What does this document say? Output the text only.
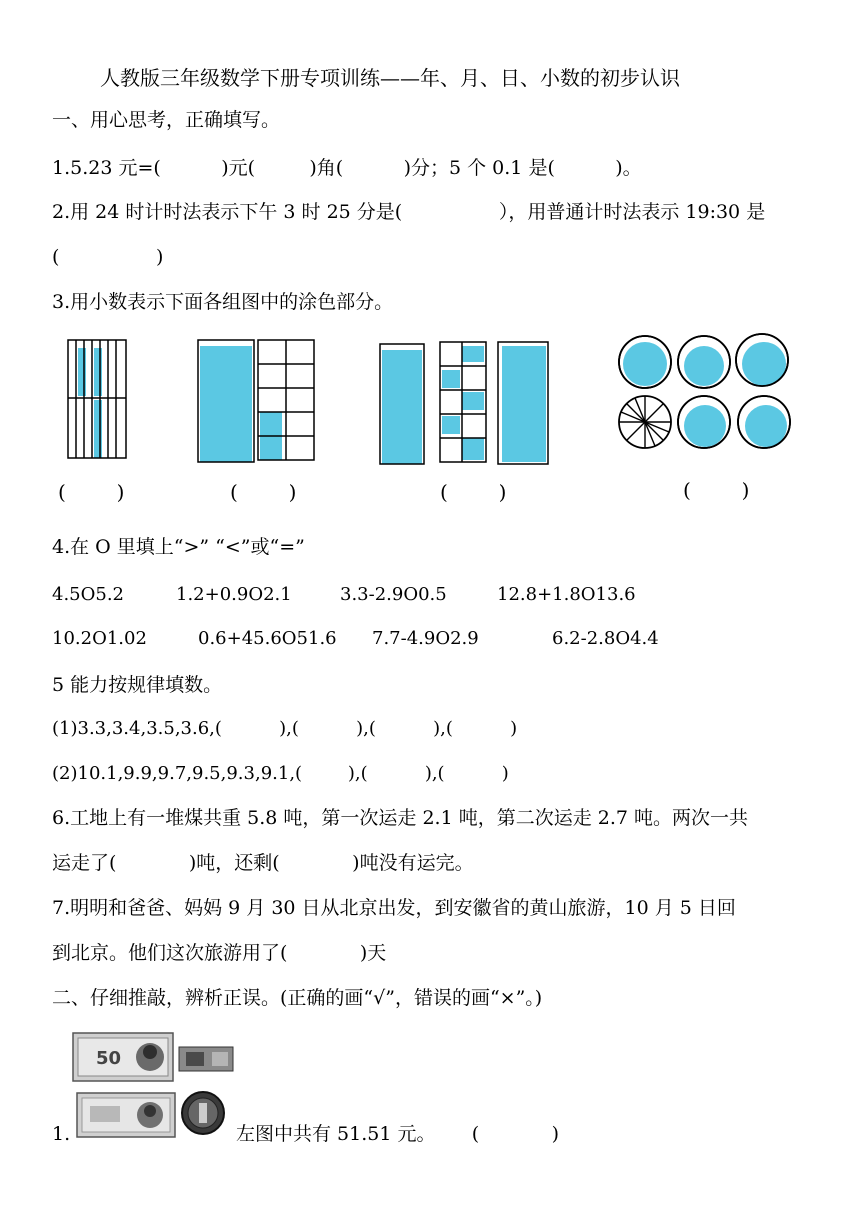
人教版三年级数学下册专项训练——年、月、日、小数的初步认识
一、用心思考，正确填写。
1.5.23 元=(          )元(         )角(          )分；5 个 0.1 是(          )。
2.用 24 时计时法表示下午 3 时 25 分是(                ），用普通计时法表示 19:30 是
(                )
3.用小数表示下面各组图中的涂色部分。
(        )	(        )	(        )	(        )
4.在 O 里填上“>” “<”或“=”
4.5O5.2	1.2+0.9O2.1	3.3-2.9O0.5	12.8+1.8O13.6
10.2O1.02	0.6+45.6O51.6 7.7-4.9O2.9	6.2-2.8O4.4
5 能力按规律填数。
(1)3.3,3.4,3.5,3.6,(          ),(          ),(          ),(          )
(2)10.1,9.9,9.7,9.5,9.3,9.1,(        ),(          ),(          )
6.工地上有一堆煤共重 5.8 吨，第一次运走 2.1 吨，第二次运走 2.7 吨。两次一共
运走了(            )吨，还剩(            )吨没有运完。
7.明明和爸爸、妈妈 9 月 30 日从北京出发，到安徽省的黄山旅游，10 月 5 日回
到北京。他们这次旅游用了(            )天
二、仔细推敲，辨析正误。(正确的画“√”，错误的画“×”。)
50
1.	左图中共有 51.51 元。      (            )
